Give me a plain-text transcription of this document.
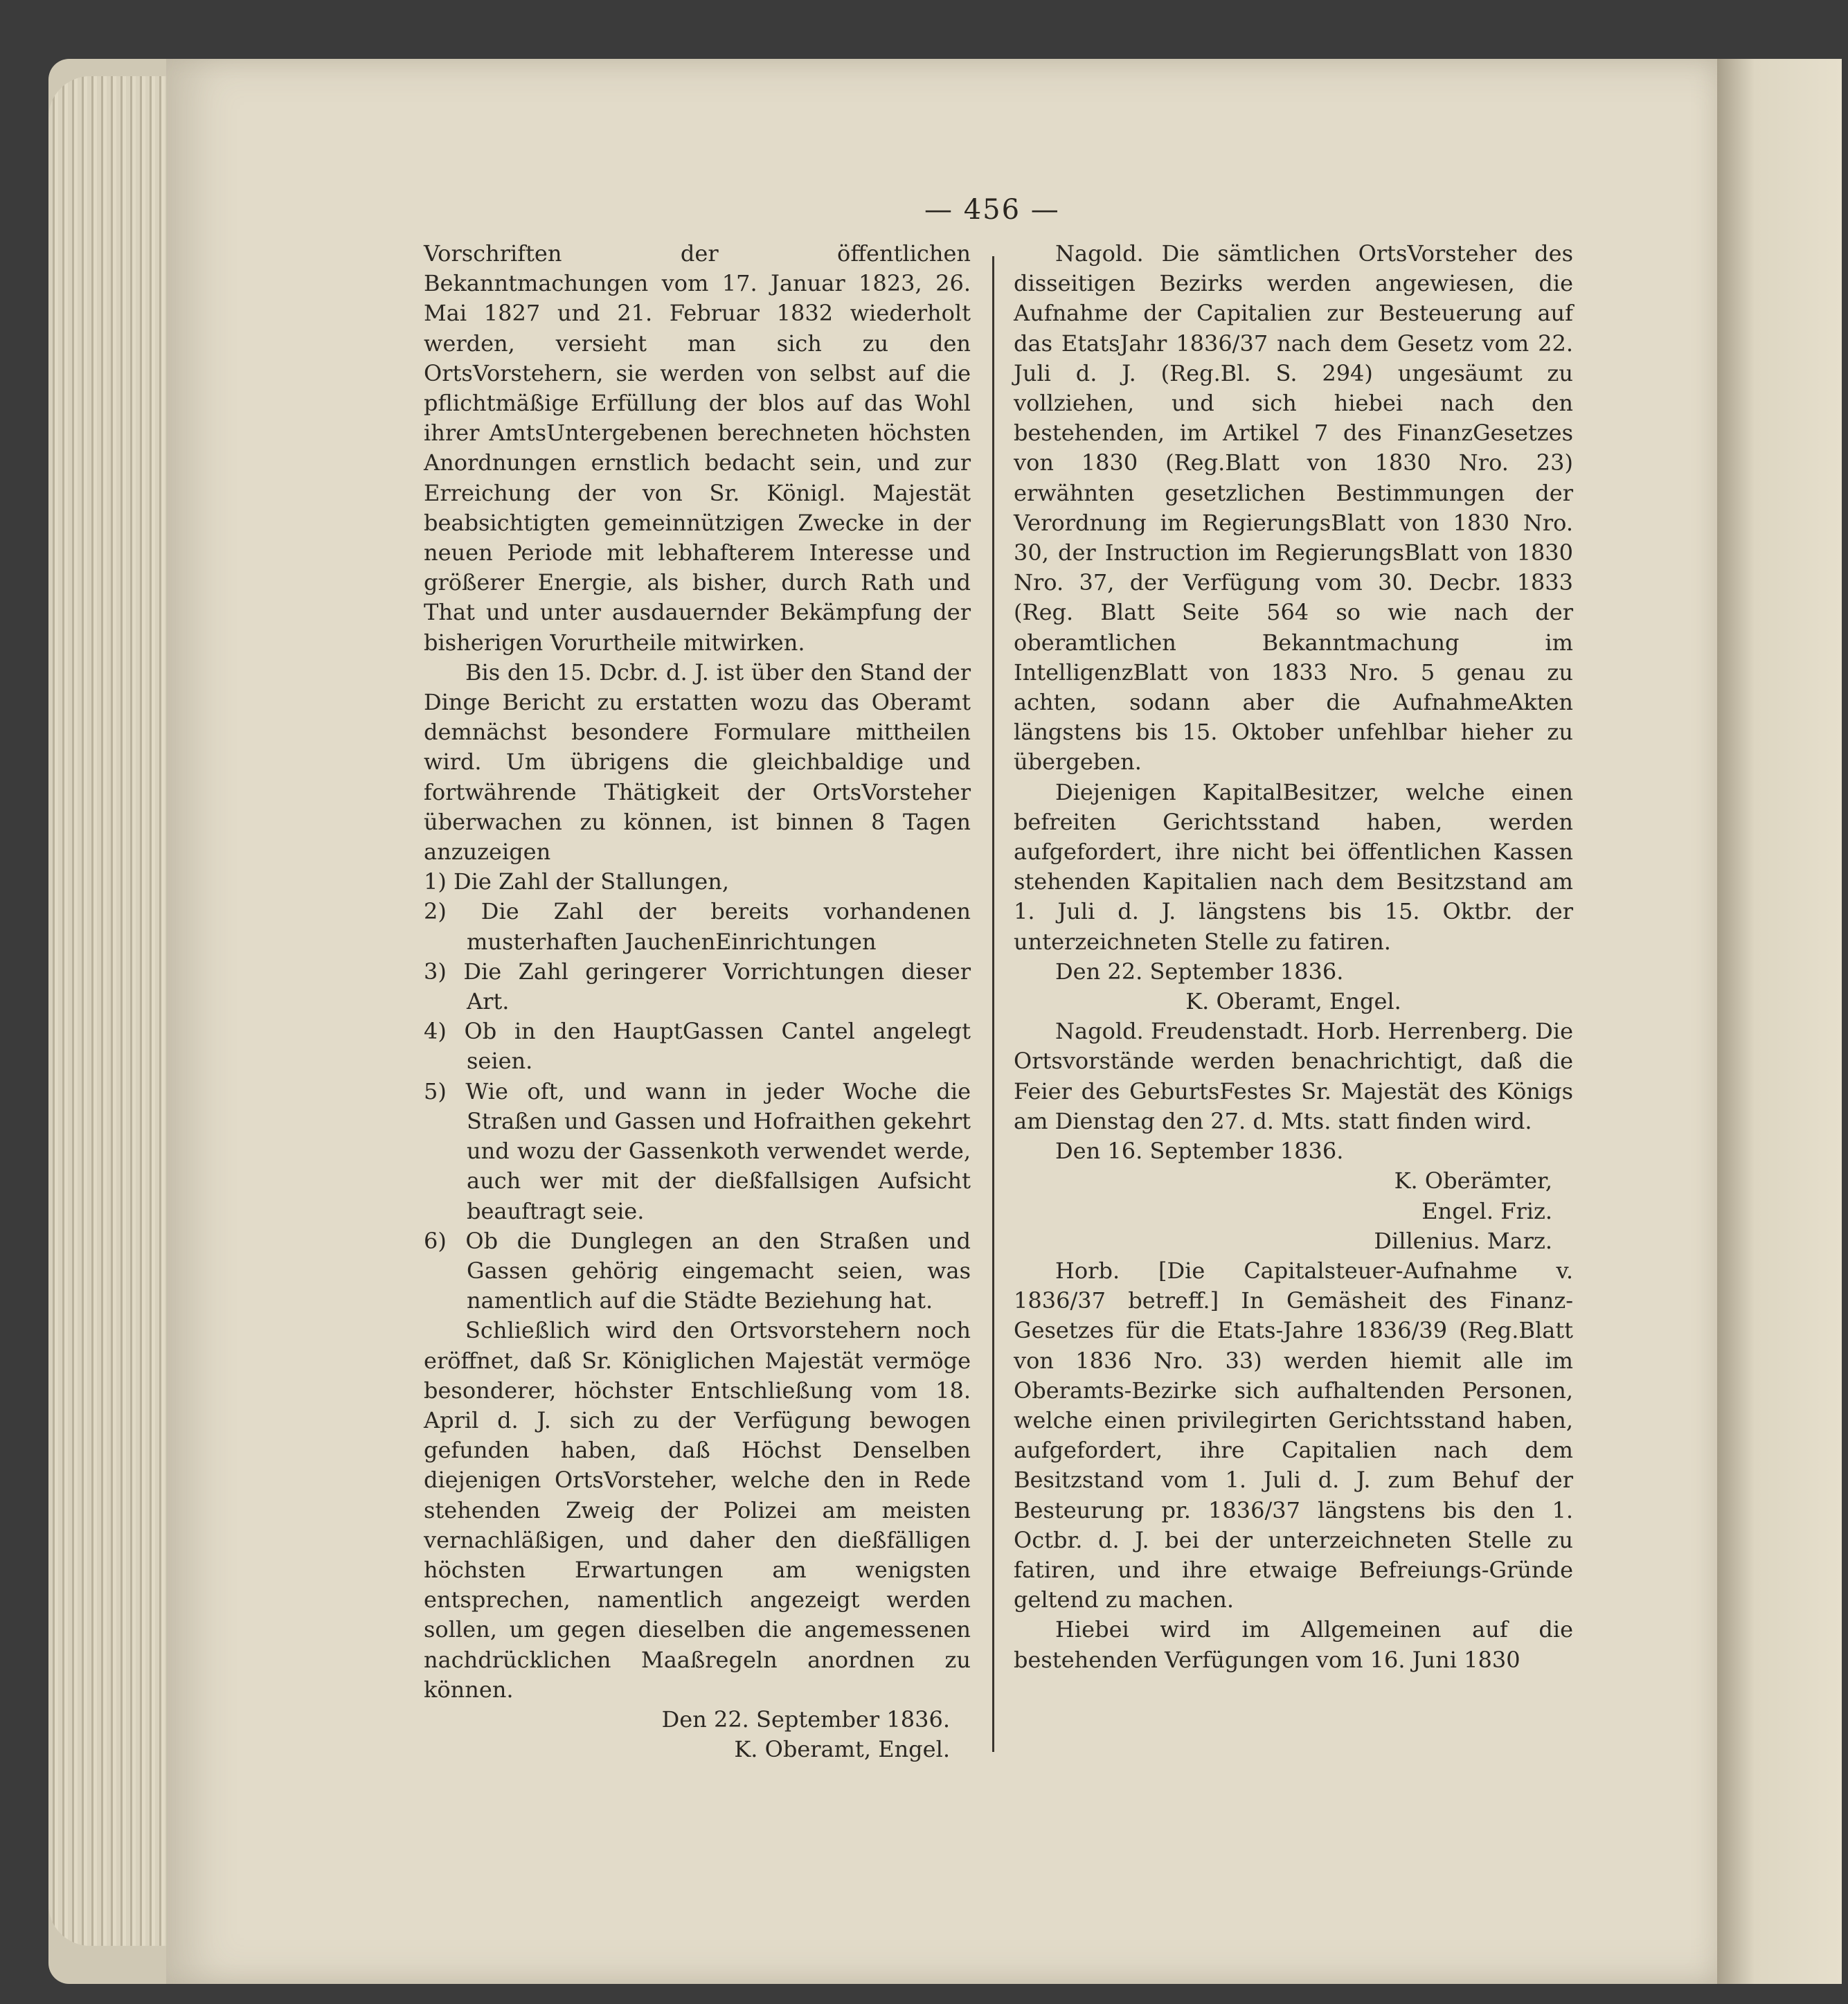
— 456 —

Vorschriften der öffentlichen Bekanntmachungen vom 17. Januar 1823, 26. Mai 1827 und 21. Februar 1832 wiederholt werden, versieht man sich zu den OrtsVorstehern, sie werden von selbst auf die pflichtmäßige Erfüllung der blos auf das Wohl ihrer AmtsUntergebenen berechneten höchsten Anordnungen ernstlich bedacht sein, und zur Erreichung der von Sr. Königl. Majestät beabsichtigten gemeinnützigen Zwecke in der neuen Periode mit lebhafterem Interesse und größerer Energie, als bisher, durch Rath und That und unter ausdauernder Bekämpfung der bisherigen Vorurtheile mitwirken.

Bis den 15. Dcbr. d. J. ist über den Stand der Dinge Bericht zu erstatten wozu das Oberamt demnächst besondere Formulare mittheilen wird. Um übrigens die gleichbaldige und fortwährende Thätigkeit der OrtsVorsteher überwachen zu können, ist binnen 8 Tagen anzuzeigen

1) Die Zahl der Stallungen,

2) Die Zahl der bereits vorhandenen musterhaften JauchenEinrichtungen

3) Die Zahl geringerer Vorrichtungen dieser Art.

4) Ob in den HauptGassen Cantel angelegt seien.

5) Wie oft, und wann in jeder Woche die Straßen und Gassen und Hofraithen gekehrt und wozu der Gassenkoth verwendet werde, auch wer mit der dießfallsigen Aufsicht beauftragt seie.

6) Ob die Dunglegen an den Straßen und Gassen gehörig eingemacht seien, was namentlich auf die Städte Beziehung hat.

Schließlich wird den Ortsvorstehern noch eröffnet, daß Sr. Königlichen Majestät vermöge besonderer, höchster Entschließung vom 18. April d. J. sich zu der Verfügung bewogen gefunden haben, daß Höchst Denselben diejenigen OrtsVorsteher, welche den in Rede stehenden Zweig der Polizei am meisten vernachläßigen, und daher den dießfälligen höchsten Erwartungen am wenigsten entsprechen, namentlich angezeigt werden sollen, um gegen dieselben die angemessenen nachdrücklichen Maaßregeln anordnen zu können.

Den 22. September 1836.

K. Oberamt, Engel.

Nagold. Die sämtlichen OrtsVorsteher des disseitigen Bezirks werden angewiesen, die Aufnahme der Capitalien zur Besteuerung auf das EtatsJahr 1836/37 nach dem Gesetz vom 22. Juli d. J. (Reg.Bl. S. 294) ungesäumt zu vollziehen, und sich hiebei nach den bestehenden, im Artikel 7 des FinanzGesetzes von 1830 (Reg.Blatt von 1830 Nro. 23) erwähnten gesetzlichen Bestimmungen der Verordnung im RegierungsBlatt von 1830 Nro. 30, der Instruction im RegierungsBlatt von 1830 Nro. 37, der Verfügung vom 30. Decbr. 1833 (Reg. Blatt Seite 564 so wie nach der oberamtlichen Bekanntmachung im IntelligenzBlatt von 1833 Nro. 5 genau zu achten, sodann aber die AufnahmeAkten längstens bis 15. Oktober unfehlbar hieher zu übergeben.

Diejenigen KapitalBesitzer, welche einen befreiten Gerichtsstand haben, werden aufgefordert, ihre nicht bei öffentlichen Kassen stehenden Kapitalien nach dem Besitzstand am 1. Juli d. J. längstens bis 15. Oktbr. der unterzeichneten Stelle zu fatiren.

Den 22. September 1836.

K. Oberamt, Engel.

Nagold. Freudenstadt. Horb. Herrenberg. Die Ortsvorstände werden benachrichtigt, daß die Feier des GeburtsFestes Sr. Majestät des Königs am Dienstag den 27. d. Mts. statt finden wird.

Den 16. September 1836.

K. Oberämter,

Engel. Friz.

Dillenius. Marz.

Horb. [Die Capitalsteuer-Aufnahme v. 1836/37 betreff.] In Gemäsheit des Finanz-Gesetzes für die Etats-Jahre 1836/39 (Reg.Blatt von 1836 Nro. 33) werden hiemit alle im Oberamts-Bezirke sich aufhaltenden Personen, welche einen privilegirten Gerichtsstand haben, aufgefordert, ihre Capitalien nach dem Besitzstand vom 1. Juli d. J. zum Behuf der Besteurung pr. 1836/37 längstens bis den 1. Octbr. d. J. bei der unterzeichneten Stelle zu fatiren, und ihre etwaige Befreiungs-Gründe geltend zu machen.

Hiebei wird im Allgemeinen auf die bestehenden Verfügungen vom 16. Juni 1830
